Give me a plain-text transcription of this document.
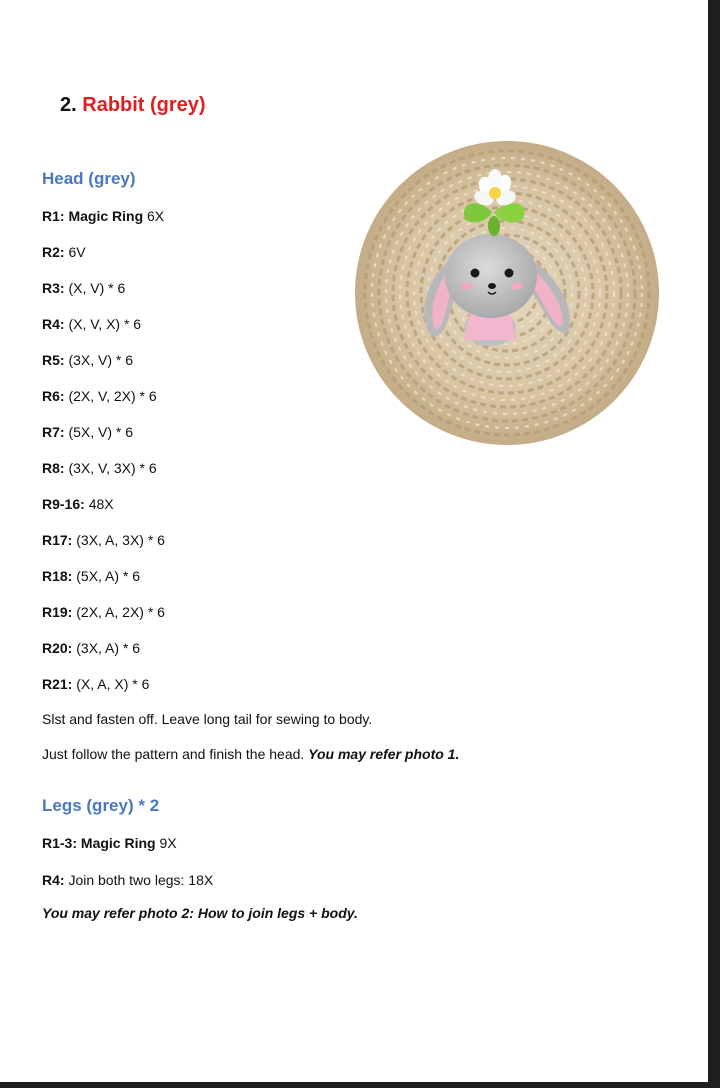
2. Rabbit (grey)
Head (grey)
R1: Magic Ring 6X
R2: 6V
R3: (X, V) * 6
R4: (X, V, X) * 6
R5: (3X, V) * 6
R6: (2X, V, 2X) * 6
R7: (5X, V) * 6
R8: (3X, V, 3X) * 6
R9-16: 48X
R17: (3X, A, 3X) * 6
R18: (5X, A) * 6
R19: (2X, A, 2X) * 6
R20: (3X, A) * 6
R21: (X, A, X) * 6
Slst and fasten off. Leave long tail for sewing to body.
Just follow the pattern and finish the head. You may refer photo 1.
Legs (grey) * 2
R1-3: Magic Ring 9X
R4: Join both two legs: 18X
You may refer photo 2: How to join legs + body.
